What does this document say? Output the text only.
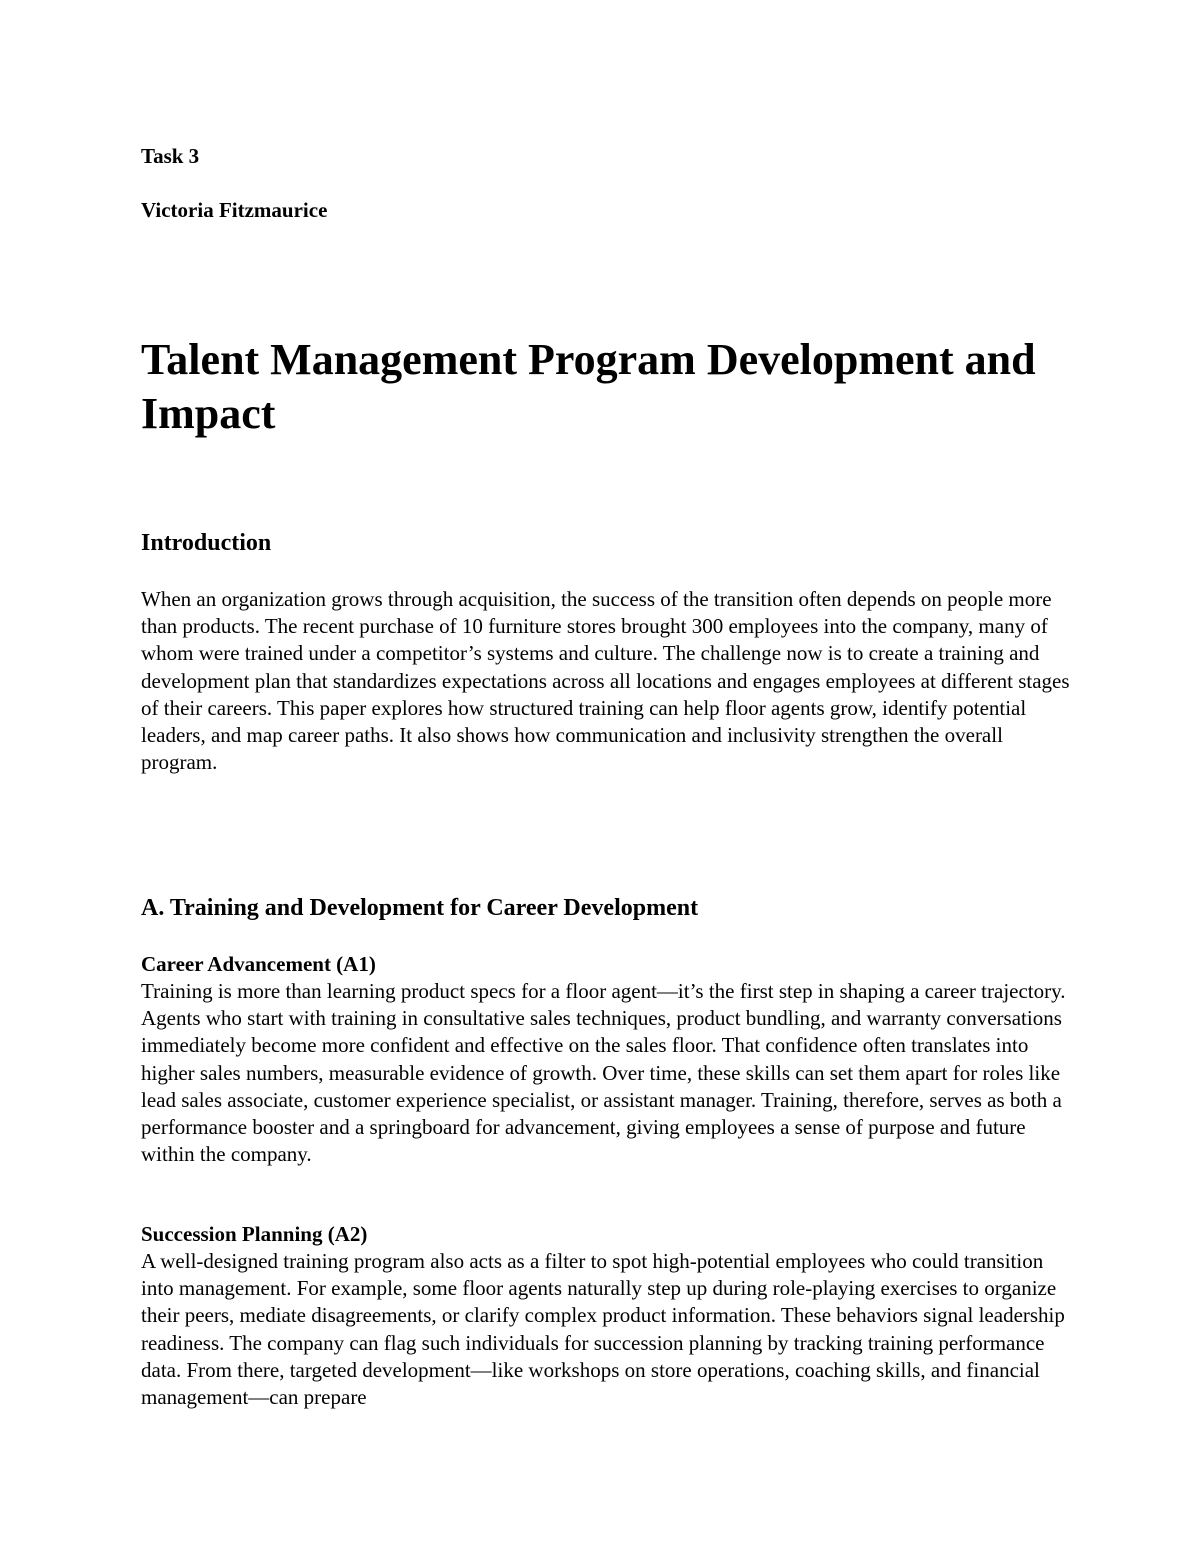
Task 3

Victoria Fitzmaurice

Talent Management Program Development and Impact
Introduction

When an organization grows through acquisition, the success of the transition often depends on people more than products. The recent purchase of 10 furniture stores brought 300 employees into the company, many of whom were trained under a competitor’s systems and culture. The challenge now is to create a training and development plan that standardizes expectations across all locations and engages employees at different stages of their careers. This paper explores how structured training can help floor agents grow, identify potential leaders, and map career paths. It also shows how communication and inclusivity strengthen the overall program.

A. Training and Development for Career Development
Career Advancement (A1)

Training is more than learning product specs for a floor agent—it’s the first step in shaping a career trajectory. Agents who start with training in consultative sales techniques, product bundling, and warranty conversations immediately become more confident and effective on the sales floor. That confidence often translates into higher sales numbers, measurable evidence of growth. Over time, these skills can set them apart for roles like lead sales associate, customer experience specialist, or assistant manager. Training, therefore, serves as both a performance booster and a springboard for advancement, giving employees a sense of purpose and future within the company.

Succession Planning (A2)

A well-designed training program also acts as a filter to spot high-potential employees who could transition into management. For example, some floor agents naturally step up during role-playing exercises to organize their peers, mediate disagreements, or clarify complex product information. These behaviors signal leadership readiness. The company can flag such individuals for succession planning by tracking training performance data. From there, targeted development—like workshops on store operations, coaching skills, and financial management—can prepare
